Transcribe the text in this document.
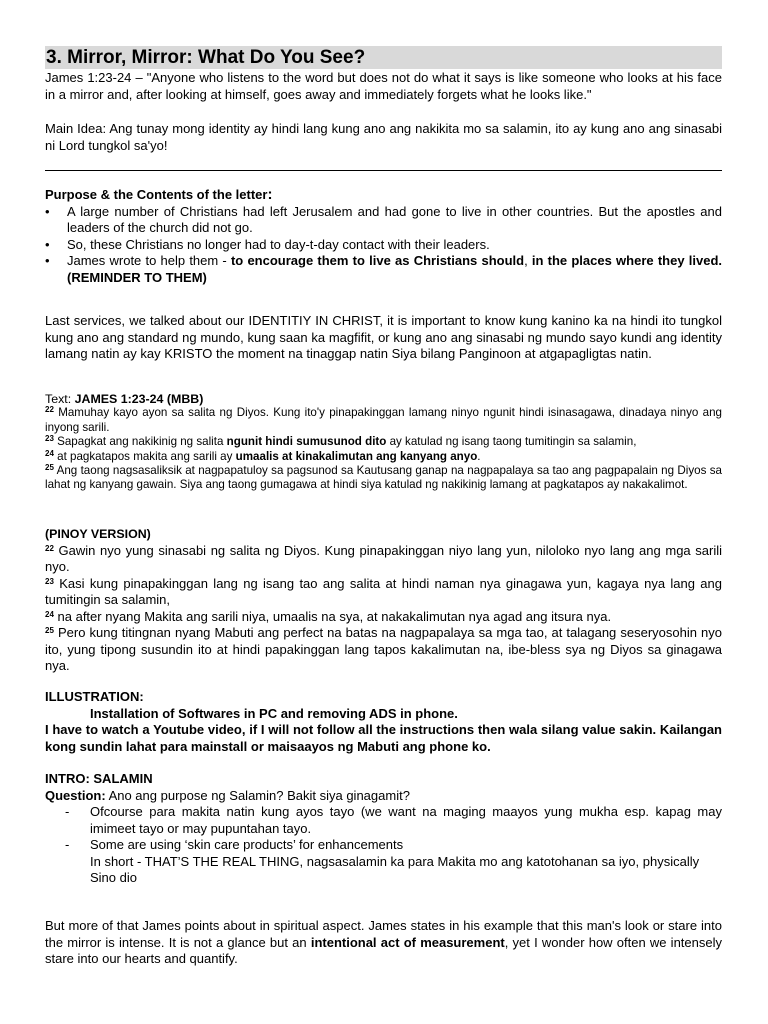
3. Mirror, Mirror: What Do You See?

James 1:23-24 – "Anyone who listens to the word but does not do what it says is like someone who looks at his face in a mirror and, after looking at himself, goes away and immediately forgets what he looks like."

Main Idea: Ang tunay mong identity ay hindi lang kung ano ang nakikita mo sa salamin, ito ay kung ano ang sinasabi ni Lord tungkol sa'yo!

Purpose & the Contents of the letter:
• A large number of Christians had left Jerusalem and had gone to live in other countries. But the apostles and leaders of the church did not go.
• So, these Christians no longer had to day-t-day contact with their leaders.
• James wrote to help them - to encourage them to live as Christians should, in the places where they lived. (REMINDER TO THEM)

Last services, we talked about our IDENTITIY IN CHRIST, it is important to know kung kanino ka na hindi ito tungkol kung ano ang standard ng mundo, kung saan ka magfifit, or kung ano ang sinasabi ng mundo sayo kundi ang identity lamang natin ay kay KRISTO the moment na tinaggap natin Siya bilang Panginoon at atgapagligtas natin.

Text: JAMES 1:23-24 (MBB)
$^{22}$ Mamuhay kayo ayon sa salita ng Diyos. Kung ito'y pinapakinggan lamang ninyo ngunit hindi isinasagawa, dinadaya ninyo ang inyong sarili.
$^{23}$ Sapagkat ang nakikinig ng salita ngunit hindi sumusunod dito ay katulad ng isang taong tumitingin sa salamin,
$^{24}$ at pagkatapos makita ang sarili ay umaalis at kinakalimutan ang kanyang anyo.
$^{25}$ Ang taong nagsasaliksik at nagpapatuloy sa pagsunod sa Kautusang ganap na nagpapalaya sa tao ang pagpapalain ng Diyos sa lahat ng kanyang gawain. Siya ang taong gumagawa at hindi siya katulad ng nakikinig lamang at pagkatapos ay nakakalimot.
(PINOY VERSION)
$^{22}$ Gawin nyo yung sinasabi ng salita ng Diyos. Kung pinapakinggan niyo lang yun, niloloko nyo lang ang mga sarili nyo.
$^{23}$ Kasi kung pinapakinggan lang ng isang tao ang salita at hindi naman nya ginagawa yun, kagaya nya lang ang tumitingin sa salamin,
$^{24}$ na after nyang Makita ang sarili niya, umaalis na sya, at nakakalimutan nya agad ang itsura nya.
$^{25}$ Pero kung titingnan nyang Mabuti ang perfect na batas na nagpapalaya sa mga tao, at talagang seseryosohin nyo ito, yung tipong susundin ito at hindi papakinggan lang tapos kakalimutan na, ibe-bless sya ng Diyos sa ginagawa nya.
ILLUSTRATION:
Installation of Softwares in PC and removing ADS in phone.
I have to watch a Youtube video, if I will not follow all the instructions then wala silang value sakin. Kailangan kong sundin lahat para mainstall or maisaayos ng Mabuti ang phone ko.
INTRO: SALAMIN
Question: Ano ang purpose ng Salamin? Bakit siya ginagamit?
- Ofcourse para makita natin kung ayos tayo (we want na maging maayos yung mukha esp. kapag may imimeet tayo or may pupuntahan tayo.
- Some are using ‘skin care products’ for enhancements
In short - THAT’S THE REAL THING, nagsasalamin ka para Makita mo ang katotohanan sa iyo, physically
Sino dio

But more of that James points about in spiritual aspect. James states in his example that this man's look or stare into the mirror is intense. It is not a glance but an intentional act of measurement, yet I wonder how often we intensely stare into our hearts and quantify.
